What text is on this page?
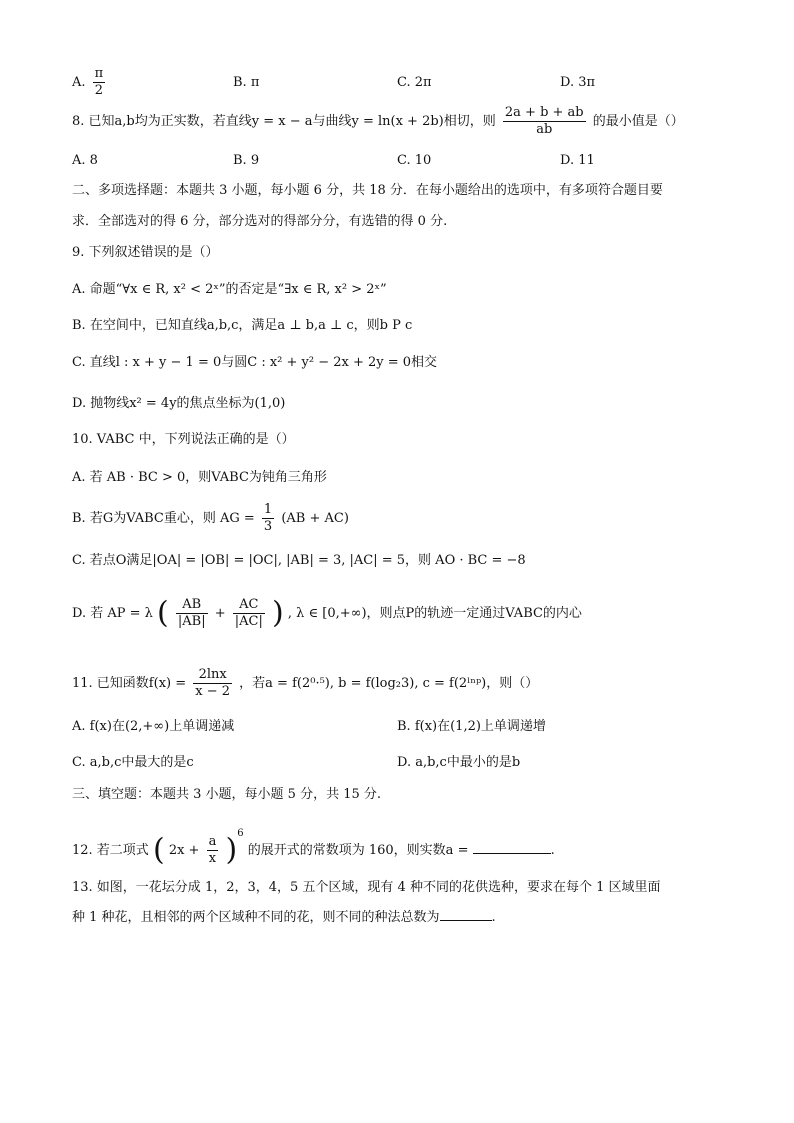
A. $\frac{\pi}{2}$	B. π	C. 2π	D. 3π
8. 已知a,b均为正实数，若直线y = x − a与曲线y = ln(x + 2b)相切，则 $\frac{2a + b + ab}{ab}$ 的最小值是（）
A. 8	B. 9	C. 10	D. 11
二、多项选择题：本题共 3 小题，每小题 6 分，共 18 分．在每小题给出的选项中，有多项符合题目要
求．全部选对的得 6 分，部分选对的得部分分，有选错的得 0 分.
9. 下列叙述错误的是（）
A. 命题“∀x ∈ R, x² < 2ˣ”的否定是“∃x ∈ R, x² > 2ˣ”
B. 在空间中，已知直线a,b,c，满足a ⊥ b,a ⊥ c，则b P c
C. 直线l : x + y − 1 = 0与圆C : x² + y² − 2x + 2y = 0相交
D. 抛物线x² = 4y的焦点坐标为(1,0)
10. VABC 中，下列说法正确的是（）
A. 若 AB · BC > 0，则VABC为钝角三角形
B. 若G为VABC重心，则 AG = $\frac{1}{3} (AB + AC)$
C. 若点O满足|OA| = |OB| = |OC|, |AB| = 3, |AC| = 5，则 AO · BC = −8
D. 若 AP = λ ( $\frac{AB}{|AB|} + \frac{AC}{|AC|}$ ) , λ ∈ [0,+∞)，则点P的轨迹一定通过VABC的内心
11. 已知函数$f(x) = \frac{2\ln x}{x - 2}$ ，若a = f(2⁰·⁵), b = f(log₂3), c = f(2ˡⁿᵖ)，则（）
A. f(x)在(2,+∞)上单调递减	B. f(x)在(1,2)上单调递增
C. a,b,c中最大的是c	D. a,b,c中最小的是b
三、填空题：本题共 3 小题，每小题 5 分，共 15 分.
12. 若二项式 ( $2x + \frac{a}{x} )^6$ 的展开式的常数项为 160，则实数a =	.
13. 如图，一花坛分成 1，2，3，4，5 五个区域，现有 4 种不同的花供选种，要求在每个 1 区域里面
种 1 种花，且相邻的两个区域种不同的花，则不同的种法总数为	.
